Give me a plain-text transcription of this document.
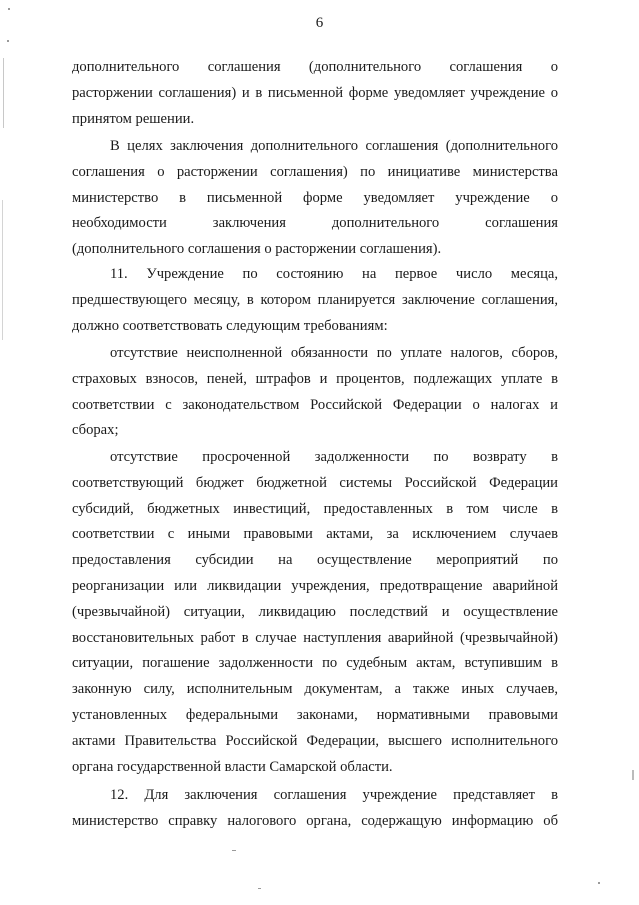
6
дополнительного соглашения (дополнительного соглашения о
расторжении соглашения) и в письменной форме уведомляет учреждение о
принятом решении.
В целях заключения дополнительного соглашения (дополнительного
соглашения о расторжении соглашения) по инициативе министерства
министерство в письменной форме уведомляет учреждение о
необходимости заключения дополнительного соглашения
(дополнительного соглашения о расторжении соглашения).
11. Учреждение по состоянию на первое число месяца,
предшествующего месяцу, в котором планируется заключение соглашения,
должно соответствовать следующим требованиям:
отсутствие неисполненной обязанности по уплате налогов, сборов,
страховых взносов, пеней, штрафов и процентов, подлежащих уплате в
соответствии с законодательством Российской Федерации о налогах и
сборах;
отсутствие просроченной задолженности по возврату в
соответствующий бюджет бюджетной системы Российской Федерации
субсидий, бюджетных инвестиций, предоставленных в том числе в
соответствии с иными правовыми актами, за исключением случаев
предоставления субсидии на осуществление мероприятий по
реорганизации или ликвидации учреждения, предотвращение аварийной
(чрезвычайной) ситуации, ликвидацию последствий и осуществление
восстановительных работ в случае наступления аварийной (чрезвычайной)
ситуации, погашение задолженности по судебным актам, вступившим в
законную силу, исполнительным документам, а также иных случаев,
установленных федеральными законами, нормативными правовыми
актами Правительства Российской Федерации, высшего исполнительного
органа государственной власти Самарской области.
12. Для заключения соглашения учреждение представляет в
министерство справку налогового органа, содержащую информацию об
